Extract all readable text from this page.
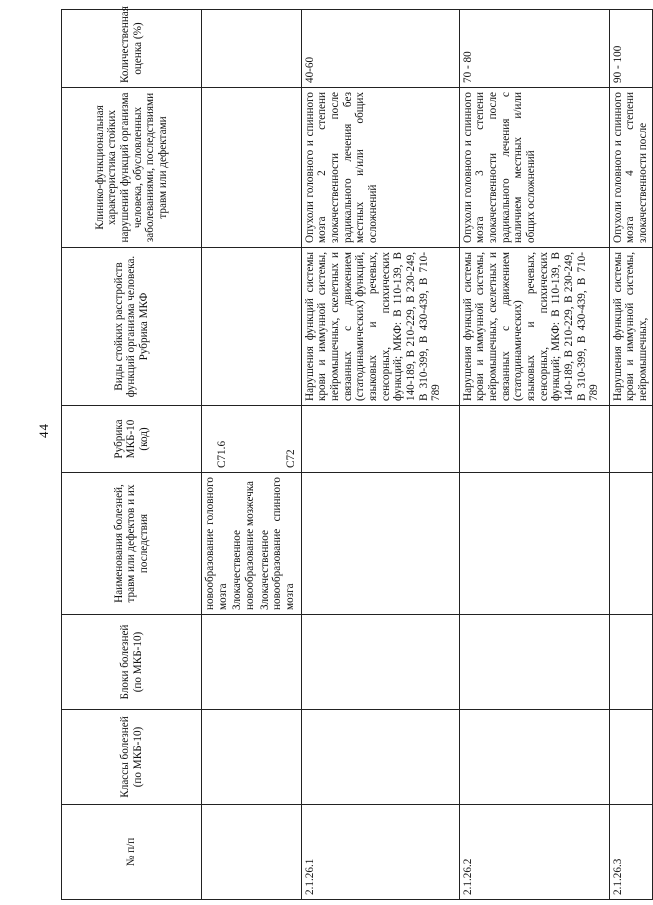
44
№ п/п	Классы болезней (по МКБ-10)	Блоки болезней (по МКБ-10)	Наименования болезней, травм или дефектов и их последствия	Рубрика МКБ-10 (код)	Виды стойких расстройств функций организма человека. Рубрика МКФ	Клинико-функциональная характеристика стойких нарушений функций организма человека, обусловленных заболеваниями, последствиями травм или дефектами	Количественная оценка (%)

			новообразование головного мозга Злокачественное новообразование мозжечка Злокачественное новообразование спинного мозга	C71.6 C72			

2.1.26.1					Нарушения функций системы крови и иммунной системы, нейромышечных, скелетных и связанных с движением (статодинамических) функций, языковых и речевых, сенсорных, психических функций; МКФ: B 110-139, B 140-189, B 210-229, B 230-249, B 310-399, B 430-439, B 710-789	Опухоли головного и спинного мозга 2 степени злокачественности после радикального лечения без местных и/или общих осложнений	40-60
2.1.26.2					Нарушения функций системы крови и иммунной системы, нейромышечных, скелетных и связанных с движением (статодинамических) языковых и речевых, сенсорных, психических функций; МКФ: B 110-139, B 140-189, B 210-229, B 230-249, B 310-399, B 430-439, B 710-789	Опухоли головного и спинного мозга 3 степени злокачественности после радикального лечения с наличием местных и/или общих осложнений	70 - 80
2.1.26.3					Нарушения функций системы крови и иммунной системы, нейромышечных,	Опухоли головного и спинного мозга 4 степени злокачественности после	90 - 100
